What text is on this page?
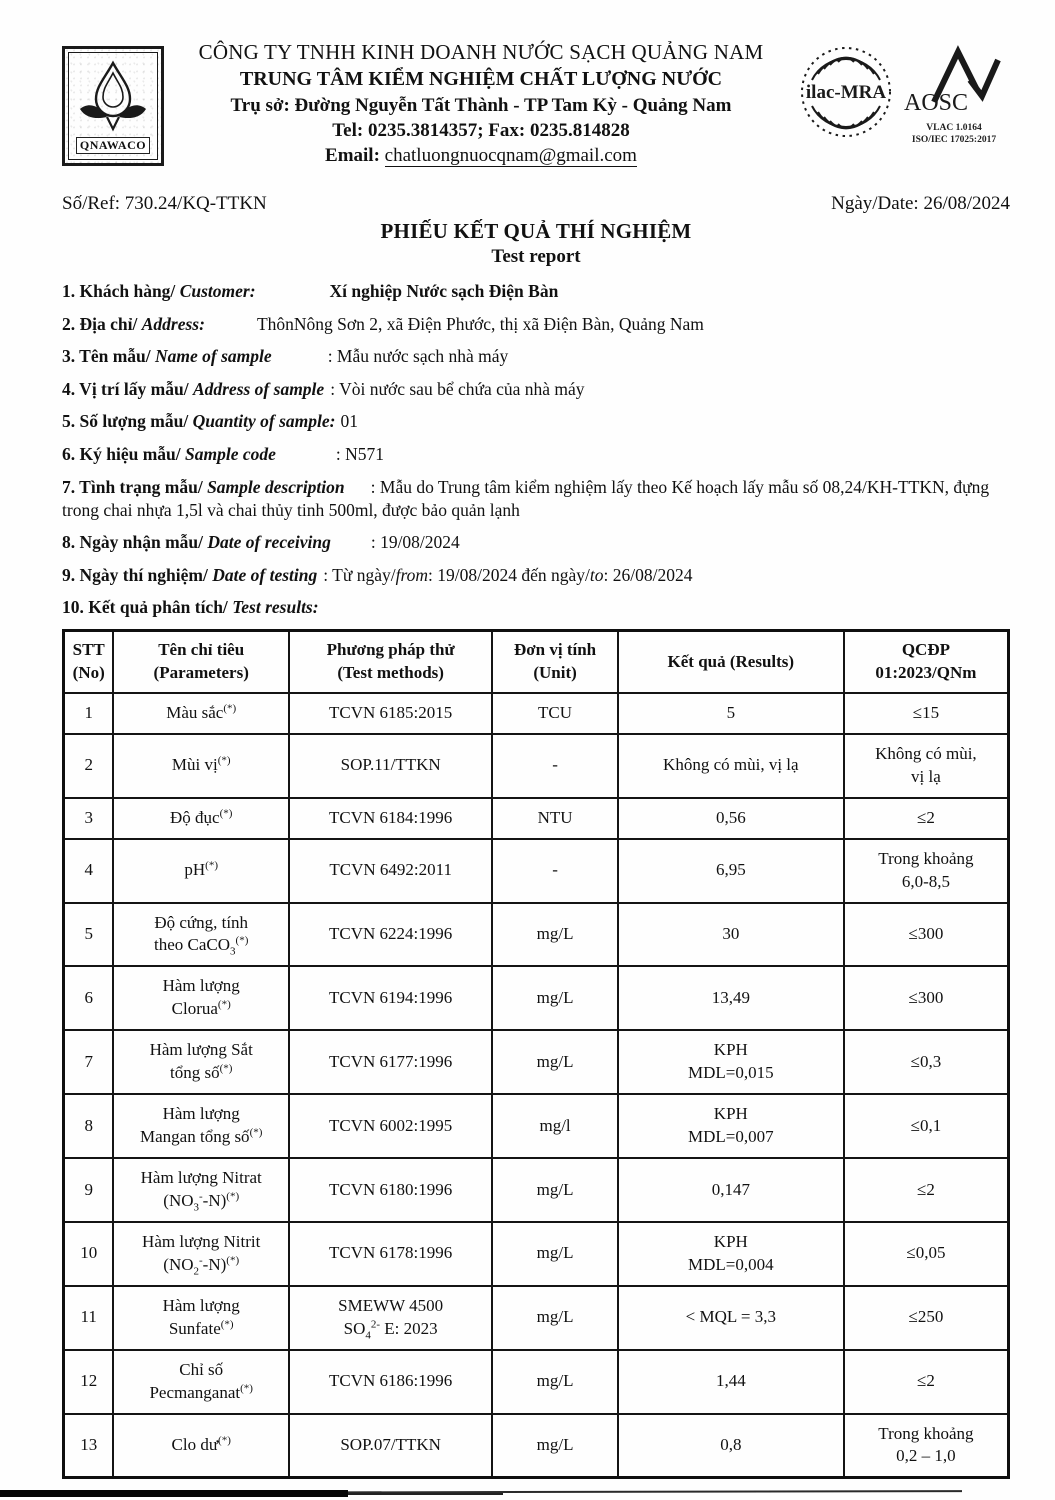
QNAWACO
CÔNG TY TNHH KINH DOANH NƯỚC SẠCH QUẢNG NAM
TRUNG TÂM KIỂM NGHIỆM CHẤT LƯỢNG NƯỚC
Trụ sở: Đường Nguyễn Tất Thành - TP Tam Kỳ - Quảng Nam
Tel: 0235.3814357; Fax: 0235.814828
Email: chatluongnuocqnam@gmail.com
ilac-MRA AOSC
VLAC 1.0164
ISO/IEC 17025:2017
Số/Ref: 730.24/KQ-TTKN	Ngày/Date: 26/08/2024
PHIẾU KẾT QUẢ THÍ NGHIỆM
Test report
1. Khách hàng/ Customer:	Xí nghiệp Nước sạch Điện Bàn
2. Địa chỉ/ Address:	ThônNông Sơn 2, xã Điện Phước, thị xã Điện Bàn, Quảng Nam
3. Tên mẫu/ Name of sample	: Mẫu nước sạch nhà máy
4. Vị trí lấy mẫu/ Address of sample : Vòi nước sau bể chứa của nhà máy
5. Số lượng mẫu/ Quantity of sample: 01
6. Ký hiệu mẫu/ Sample code	: N571
7. Tình trạng mẫu/ Sample description : Mẫu do Trung tâm kiểm nghiệm lấy theo Kế hoạch lấy mẫu số 08,24/KH-TTKN, đựng trong chai nhựa 1,5l và chai thủy tinh 500ml, được bảo quản lạnh
8. Ngày nhận mẫu/ Date of receiving : 19/08/2024
9. Ngày thí nghiệm/ Date of testing : Từ ngày/from: 19/08/2024 đến ngày/to: 26/08/2024
10. Kết quả phân tích/ Test results:
STT
(No)	Tên chỉ tiêu
(Parameters)	Phương pháp thử
(Test methods)	Đơn vị tính
(Unit)	Kết quả (Results)	QCĐP
01:2023/QNm
1	Màu sắc(*)	TCVN 6185:2015	TCU	5	≤15
2	Mùi vị(*)	SOP.11/TTKN	-	Không có mùi, vị lạ	Không có mùi,
vị lạ
3	Độ đục(*)	TCVN 6184:1996	NTU	0,56	≤2
4	pH(*)	TCVN 6492:2011	-	6,95	Trong khoảng
6,0-8,5
5	Độ cứng, tính
theo CaCO$_3$(*)	TCVN 6224:1996	mg/L	30	≤300
6	Hàm lượng
Clorua(*)	TCVN 6194:1996	mg/L	13,49	≤300
7	Hàm lượng Sắt
tổng số(*)	TCVN 6177:1996	mg/L	KPH
MDL=0,015	≤0,3
8	Hàm lượng
Mangan tổng số(*)	TCVN 6002:1995	mg/l	KPH
MDL=0,007	≤0,1
9	Hàm lượng Nitrat
$(NO_3^--N)^{(*)}$	TCVN 6180:1996	mg/L	0,147	≤2
10	Hàm lượng Nitrit
$(NO_2^--N)^{(*)}$	TCVN 6178:1996	mg/L	KPH
MDL=0,004	≤0,05
11	Hàm lượng
Sunfate(*)	SMEWW 4500
$SO_4^{2-}$ E: 2023	mg/L	< MQL = 3,3	≤250
12	Chỉ số
Pecmanganat(*)	TCVN 6186:1996	mg/L	1,44	≤2
13	Clo dư(*)	SOP.07/TTKN	mg/L	0,8	Trong khoảng
0,2 – 1,0
